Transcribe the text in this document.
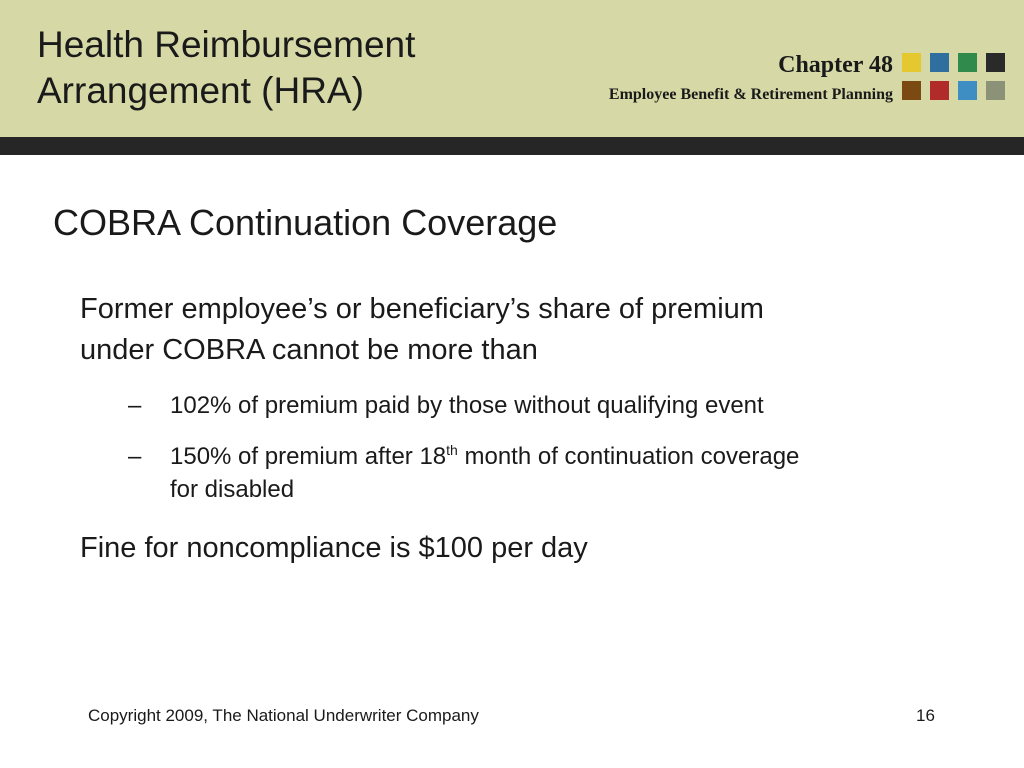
Health Reimbursement
Arrangement (HRA)
Chapter 48
Employee Benefit & Retirement Planning
COBRA Continuation Coverage
Former employee’s or beneficiary’s share of premium
under COBRA cannot be more than
– 102% of premium paid by those without qualifying event
– 150% of premium after 18th month of continuation coverage
for disabled
Fine for noncompliance is $100 per day
Copyright 2009, The National Underwriter Company	16
